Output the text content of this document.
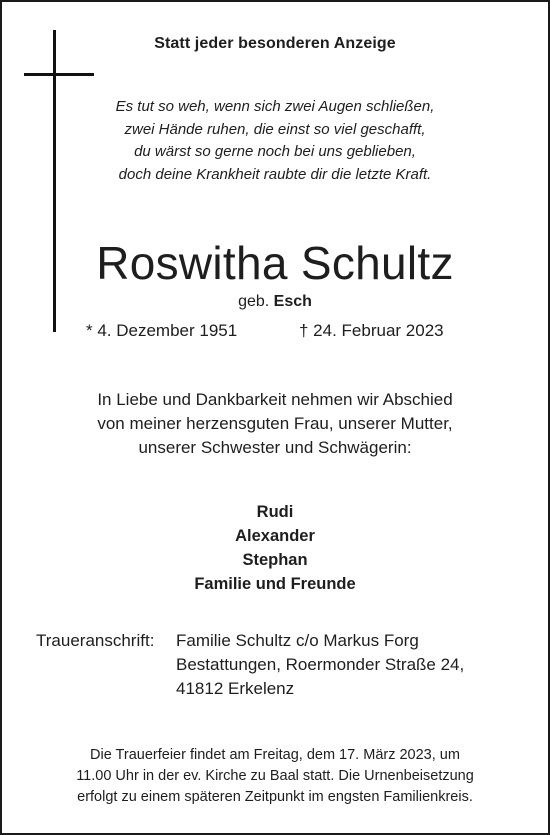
Statt jeder besonderen Anzeige
Es tut so weh, wenn sich zwei Augen schließen,
zwei Hände ruhen, die einst so viel geschafft,
du wärst so gerne noch bei uns geblieben,
doch deine Krankheit raubte dir die letzte Kraft.
Roswitha Schultz
geb. Esch
* 4. Dezember 1951	† 24. Februar 2023
In Liebe und Dankbarkeit nehmen wir Abschied
von meiner herzensguten Frau, unserer Mutter,
unserer Schwester und Schwägerin:
Rudi
Alexander
Stephan
Familie und Freunde
Traueranschrift: Familie Schultz c/o Markus Forg
Bestattungen, Roermonder Straße 24,
41812 Erkelenz
Die Trauerfeier findet am Freitag, dem 17. März 2023, um
11.00 Uhr in der ev. Kirche zu Baal statt. Die Urnenbeisetzung
erfolgt zu einem späteren Zeitpunkt im engsten Familienkreis.
